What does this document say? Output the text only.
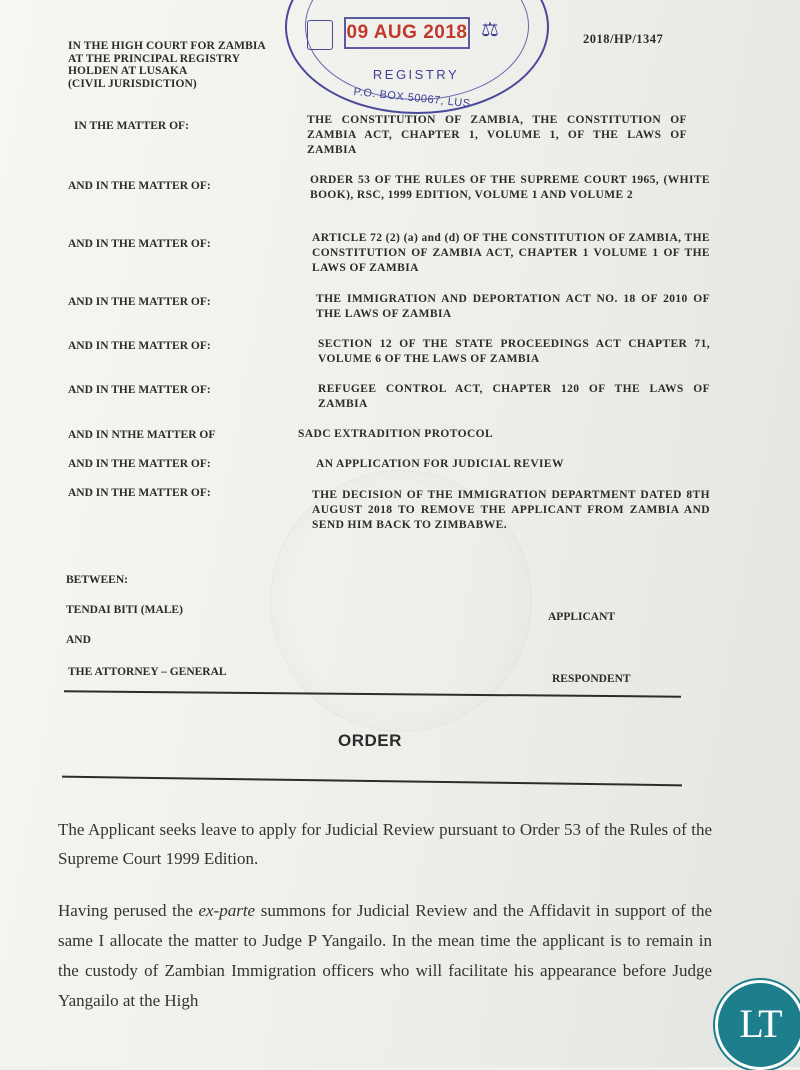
IN THE HIGH COURT FOR ZAMBIA
AT THE PRINCIPAL REGISTRY
HOLDEN AT LUSAKA
(CIVIL JURISDICTION)
09 AUG 2018 ⚖
REGISTRY
P.O. BOX 50067, LUS
2018/HP/1347
IN THE MATTER OF:	THE CONSTITUTION OF ZAMBIA, THE CONSTITUTION OF ZAMBIA ACT, CHAPTER 1, VOLUME 1, OF THE LAWS OF ZAMBIA
AND IN THE MATTER OF:	ORDER 53 OF THE RULES OF THE SUPREME COURT 1965, (WHITE BOOK), RSC, 1999 EDITION, VOLUME 1 AND VOLUME 2
AND IN THE MATTER OF:	ARTICLE 72 (2) (a) and (d) OF THE CONSTITUTION OF ZAMBIA, THE CONSTITUTION OF ZAMBIA ACT, CHAPTER 1 VOLUME 1 OF THE LAWS OF ZAMBIA
AND IN THE MATTER OF:	THE IMMIGRATION AND DEPORTATION ACT NO. 18 OF 2010 OF THE LAWS OF ZAMBIA
AND IN THE MATTER OF:	SECTION 12 OF THE STATE PROCEEDINGS ACT CHAPTER 71, VOLUME 6 OF THE LAWS OF ZAMBIA
AND IN THE MATTER OF:	REFUGEE CONTROL ACT, CHAPTER 120 OF THE LAWS OF ZAMBIA
AND IN NTHE MATTER OF	SADC EXTRADITION PROTOCOL
AND IN THE MATTER OF:	AN APPLICATION FOR JUDICIAL REVIEW
AND IN THE MATTER OF:	THE DECISION OF THE IMMIGRATION DEPARTMENT DATED 8TH AUGUST 2018 TO REMOVE THE APPLICANT FROM ZAMBIA AND SEND HIM BACK TO ZIMBABWE.
BETWEEN:
TENDAI BITI (MALE)
APPLICANT
AND
THE ATTORNEY – GENERAL
RESPONDENT
ORDER
The Applicant seeks leave to apply for Judicial Review pursuant to Order 53 of the Rules of the Supreme Court 1999 Edition.
Having perused the ex-parte summons for Judicial Review and the Affidavit in support of the same I allocate the matter to Judge P Yangailo. In the mean time the applicant is to remain in the custody of Zambian Immigration officers who will facilitate his appearance before Judge Yangailo at the High
LT
